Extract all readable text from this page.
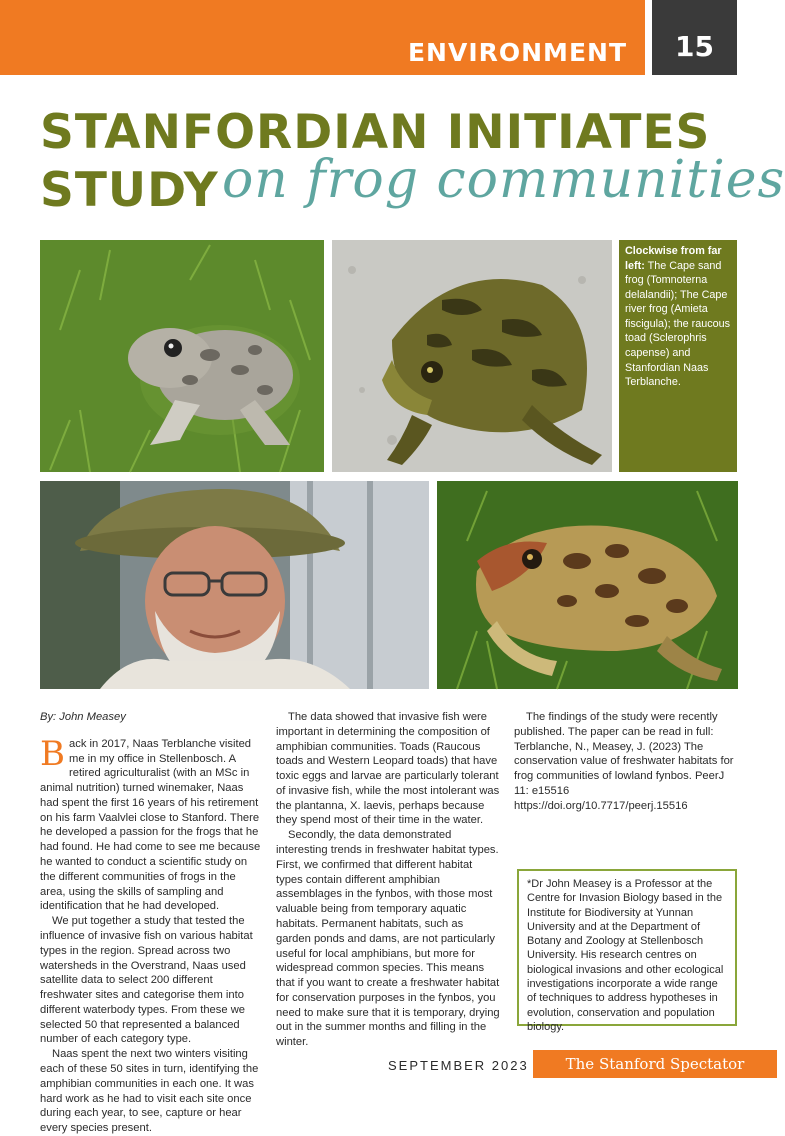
ENVIRONMENT	15
STANFORDIAN INITIATES
STUDY on frog communities
Clockwise from far left: The Cape sand frog (Tomnoterna delalandii); The Cape river frog (Amieta fiscigula); the raucous toad (Sclerophris capense) and Stanfordian Naas Terblanche.

By: John Measey

Back in 2017, Naas Terblanche visited me in my office in Stellenbosch. A retired agriculturalist (with an MSc in animal nutrition) turned winemaker, Naas had spent the first 16 years of his retirement on his farm Vaalvlei close to Stanford. There he developed a passion for the frogs that he had found. He had come to see me because he wanted to conduct a scientific study on the different communities of frogs in the area, using the skills of sampling and identification that he had developed.

We put together a study that tested the influence of invasive fish on various habitat types in the region. Spread across two watersheds in the Overstrand, Naas used satellite data to select 200 different freshwater sites and categorise them into different waterbody types. From these we selected 50 that represented a balanced number of each category type.

Naas spent the next two winters visiting each of these 50 sites in turn, identifying the amphibian communities in each one. It was hard work as he had to visit each site once during each year, to see, capture or hear every species present.

The data showed that invasive fish were important in determining the composition of amphibian communities. Toads (Raucous toads and Western Leopard toads) that have toxic eggs and larvae are particularly tolerant of invasive fish, while the most intolerant was the plantanna, X. laevis, perhaps because they spend most of their time in the water.

Secondly, the data demonstrated interesting trends in freshwater habitat types. First, we confirmed that different habitat types contain different amphibian assemblages in the fynbos, with those most valuable being from temporary aquatic habitats. Permanent habitats, such as garden ponds and dams, are not particularly useful for local amphibians, but more for widespread common species. This means that if you want to create a freshwater habitat for conservation purposes in the fynbos, you need to make sure that it is temporary, drying out in the summer months and filling in the winter.

The findings of the study were recently published. The paper can be read in full: Terblanche, N., Measey, J. (2023) The conservation value of freshwater habitats for frog communities of lowland fynbos. PeerJ 11: e15516 https://doi.org/10.7717/peerj.15516

*Dr John Measey is a Professor at the Centre for Invasion Biology based in the Institute for Biodiversity at Yunnan University and at the Department of Botany and Zoology at Stellenbosch University. His research centres on biological invasions and other ecological investigations incorporate a wide range of techniques to address hypotheses in evolution, conservation and population biology.
SEPTEMBER 2023	The Stanford Spectator
